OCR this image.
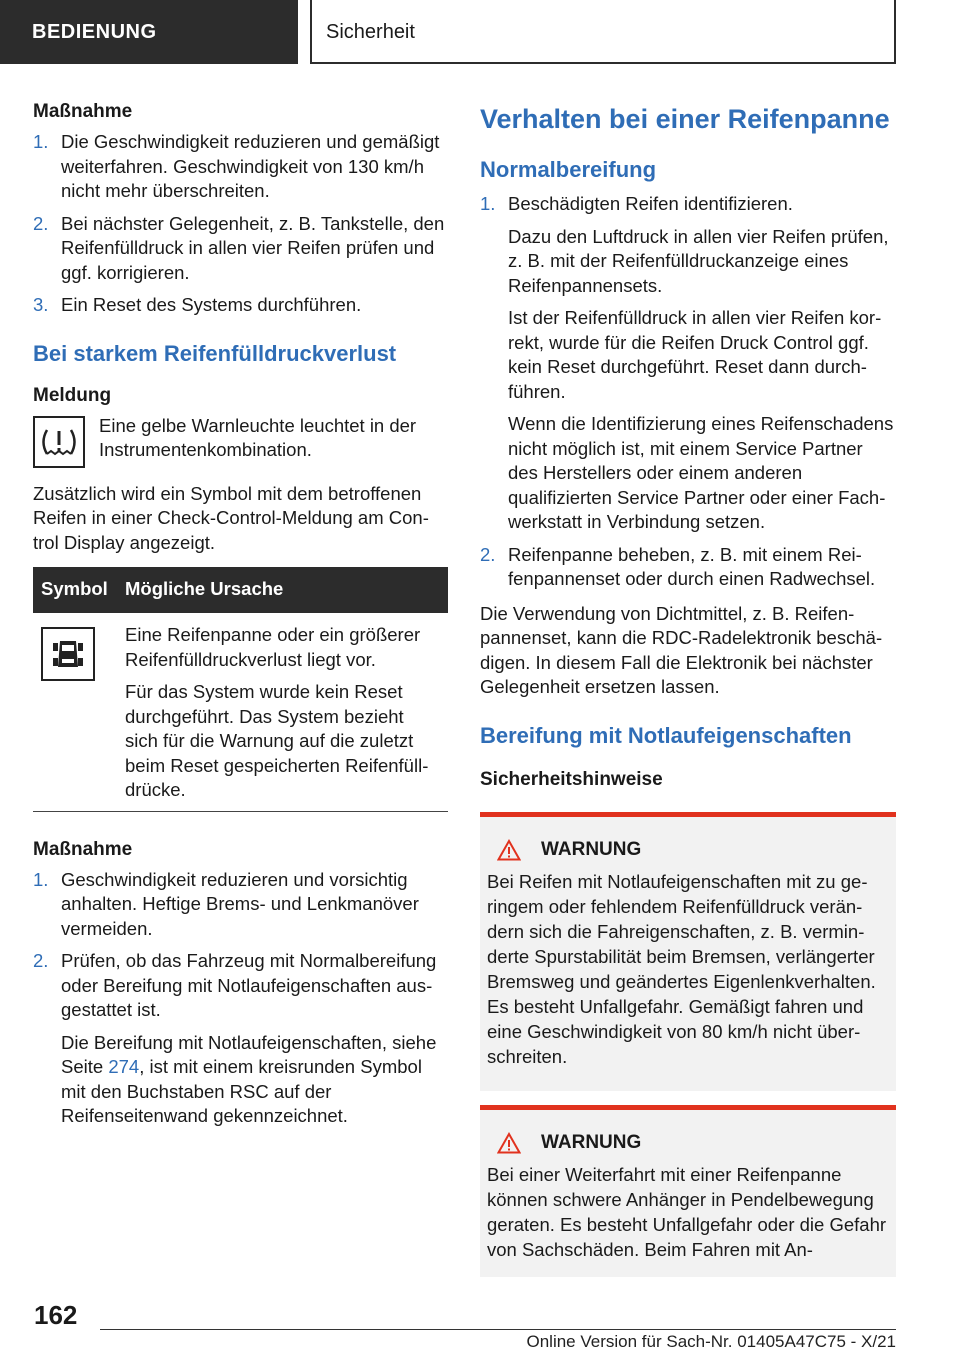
BEDIENUNG	Sicherheit

Maßnahme

1. Die Geschwindigkeit reduzieren und gemäßigt weiterfahren. Geschwindigkeit von 130 km/h nicht mehr überschreiten.
2. Bei nächster Gelegenheit, z. B. Tankstelle, den Reifenfülldruck in allen vier Reifen prüfen und ggf. korrigieren.
3. Ein Reset des Systems durchführen.

Bei starkem Reifenfülldruckverlust

Meldung

Eine gelbe Warnleuchte leuchtet in der Instrumentenkombination.

Zusätzlich wird ein Symbol mit dem betroffenen Reifen in einer Check-Control-Meldung am Control Display angezeigt.

Symbol	Mögliche Ursache

Eine Reifenpanne oder ein größerer Reifenfülldruckverlust liegt vor.

Für das System wurde kein Reset durchgeführt. Das System bezieht sich für die Warnung auf die zuletzt beim Reset gespeicherten Reifenfülldrücke.

Maßnahme

1. Geschwindigkeit reduzieren und vorsichtig anhalten. Heftige Brems- und Lenkmanöver vermeiden.
2. Prüfen, ob das Fahrzeug mit Normalbereifung oder Bereifung mit Notlaufeigenschaften ausgestattet ist.

Die Bereifung mit Notlaufeigenschaften, siehe Seite 274, ist mit einem kreisrunden Symbol mit den Buchstaben RSC auf der Reifenseitenwand gekennzeichnet.

Verhalten bei einer Reifenpanne

Normalbereifung

1. Beschädigten Reifen identifizieren.

Dazu den Luftdruck in allen vier Reifen prüfen, z. B. mit der Reifenfülldruckanzeige eines Reifenpannensets.

Ist der Reifenfülldruck in allen vier Reifen korrekt, wurde für die Reifen Druck Control ggf. kein Reset durchgeführt. Reset dann durchführen.

Wenn die Identifizierung eines Reifenschadens nicht möglich ist, mit einem Service Partner des Herstellers oder einem anderen qualifizierten Service Partner oder einer Fachwerkstatt in Verbindung setzen.

2. Reifenpanne beheben, z. B. mit einem Reifenpannenset oder durch einen Radwechsel.

Die Verwendung von Dichtmittel, z. B. Reifenpannenset, kann die RDC-Radelektronik beschädigen. In diesem Fall die Elektronik bei nächster Gelegenheit ersetzen lassen.

Bereifung mit Notlaufeigenschaften

Sicherheitshinweise

WARNUNG

Bei Reifen mit Notlaufeigenschaften mit zu geringem oder fehlendem Reifenfülldruck verändern sich die Fahreigenschaften, z. B. verminderte Spurstabilität beim Bremsen, verlängerter Bremsweg und geändertes Eigenlenkverhalten. Es besteht Unfallgefahr. Gemäßigt fahren und eine Geschwindigkeit von 80 km/h nicht überschreiten.

WARNUNG

Bei einer Weiterfahrt mit einer Reifenpanne können schwere Anhänger in Pendelbewegung geraten. Es besteht Unfallgefahr oder die Gefahr von Sachschäden. Beim Fahren mit An-

162
Online Version für Sach-Nr. 01405A47C75 - X/21
